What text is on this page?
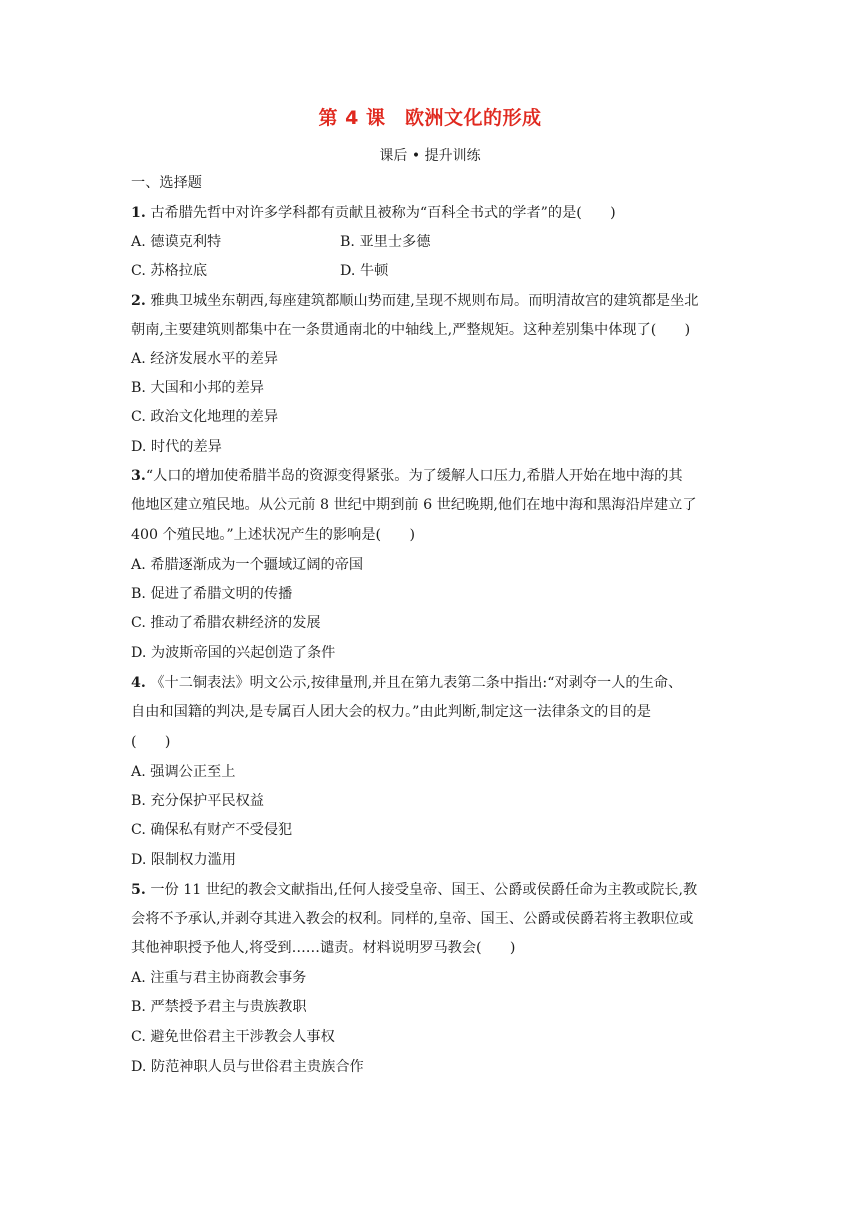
第 4 课　欧洲文化的形成
课后 • 提升训练
一、选择题
1. 古希腊先哲中对许多学科都有贡献且被称为“百科全书式的学者”的是(　　)
A. 德谟克利特	B. 亚里士多德
C. 苏格拉底	D. 牛顿
2. 雅典卫城坐东朝西,每座建筑都顺山势而建,呈现不规则布局。而明清故宫的建筑都是坐北
朝南,主要建筑则都集中在一条贯通南北的中轴线上,严整规矩。这种差别集中体现了(　　)
A. 经济发展水平的差异
B. 大国和小邦的差异
C. 政治文化地理的差异
D. 时代的差异
3.“人口的增加使希腊半岛的资源变得紧张。为了缓解人口压力,希腊人开始在地中海的其
他地区建立殖民地。从公元前 8 世纪中期到前 6 世纪晚期,他们在地中海和黑海沿岸建立了
400 个殖民地。”上述状况产生的影响是(　　)
A. 希腊逐渐成为一个疆域辽阔的帝国
B. 促进了希腊文明的传播
C. 推动了希腊农耕经济的发展
D. 为波斯帝国的兴起创造了条件
4. 《十二铜表法》明文公示,按律量刑,并且在第九表第二条中指出:“对剥夺一人的生命、
自由和国籍的判决,是专属百人团大会的权力。”由此判断,制定这一法律条文的目的是
(　　)
A. 强调公正至上
B. 充分保护平民权益
C. 确保私有财产不受侵犯
D. 限制权力滥用
5. 一份 11 世纪的教会文献指出,任何人接受皇帝、国王、公爵或侯爵任命为主教或院长,教
会将不予承认,并剥夺其进入教会的权利。同样的,皇帝、国王、公爵或侯爵若将主教职位或
其他神职授予他人,将受到……谴责。材料说明罗马教会(　　)
A. 注重与君主协商教会事务
B. 严禁授予君主与贵族教职
C. 避免世俗君主干涉教会人事权
D. 防范神职人员与世俗君主贵族合作
